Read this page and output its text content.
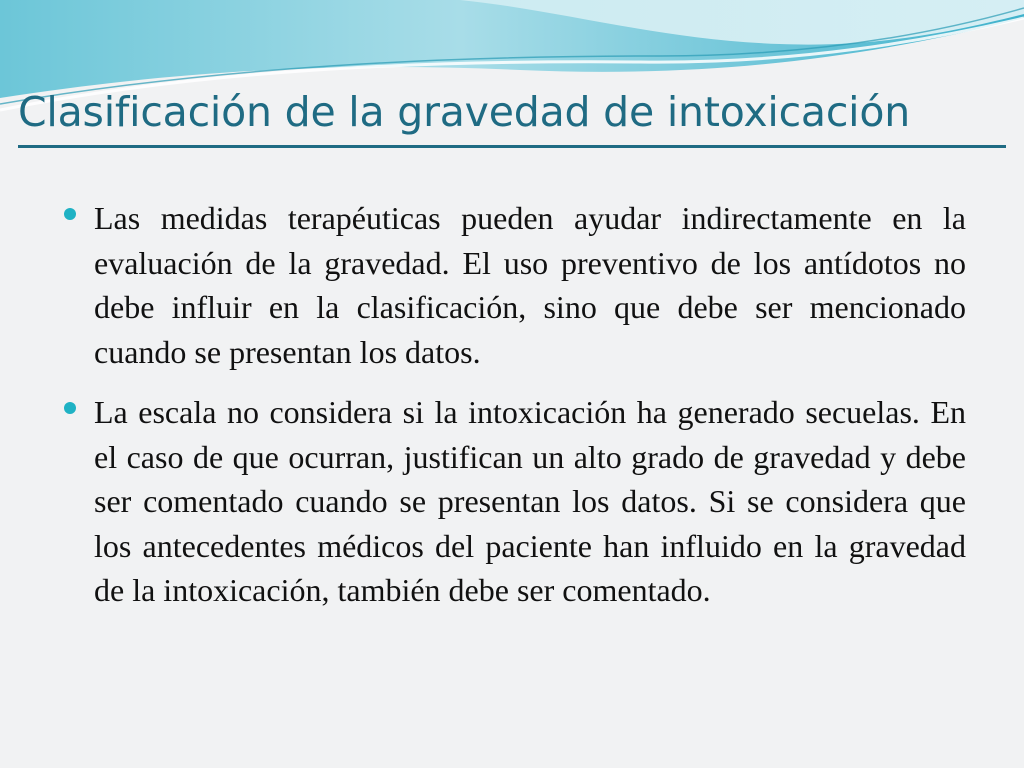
Clasificación de la gravedad de intoxicación
Las medidas terapéuticas pueden ayudar indirectamente en la evaluación de la gravedad. El uso preventivo de los antídotos no debe influir en la clasificación, sino que debe ser mencionado cuando se presentan los datos.
La escala no considera si la intoxicación ha generado secuelas. En el caso de que ocurran, justifican un alto grado de gravedad y debe ser comentado cuando se presentan los datos. Si se considera que los antecedentes médicos del paciente han influido en la gravedad de la intoxicación, también debe ser comentado.
